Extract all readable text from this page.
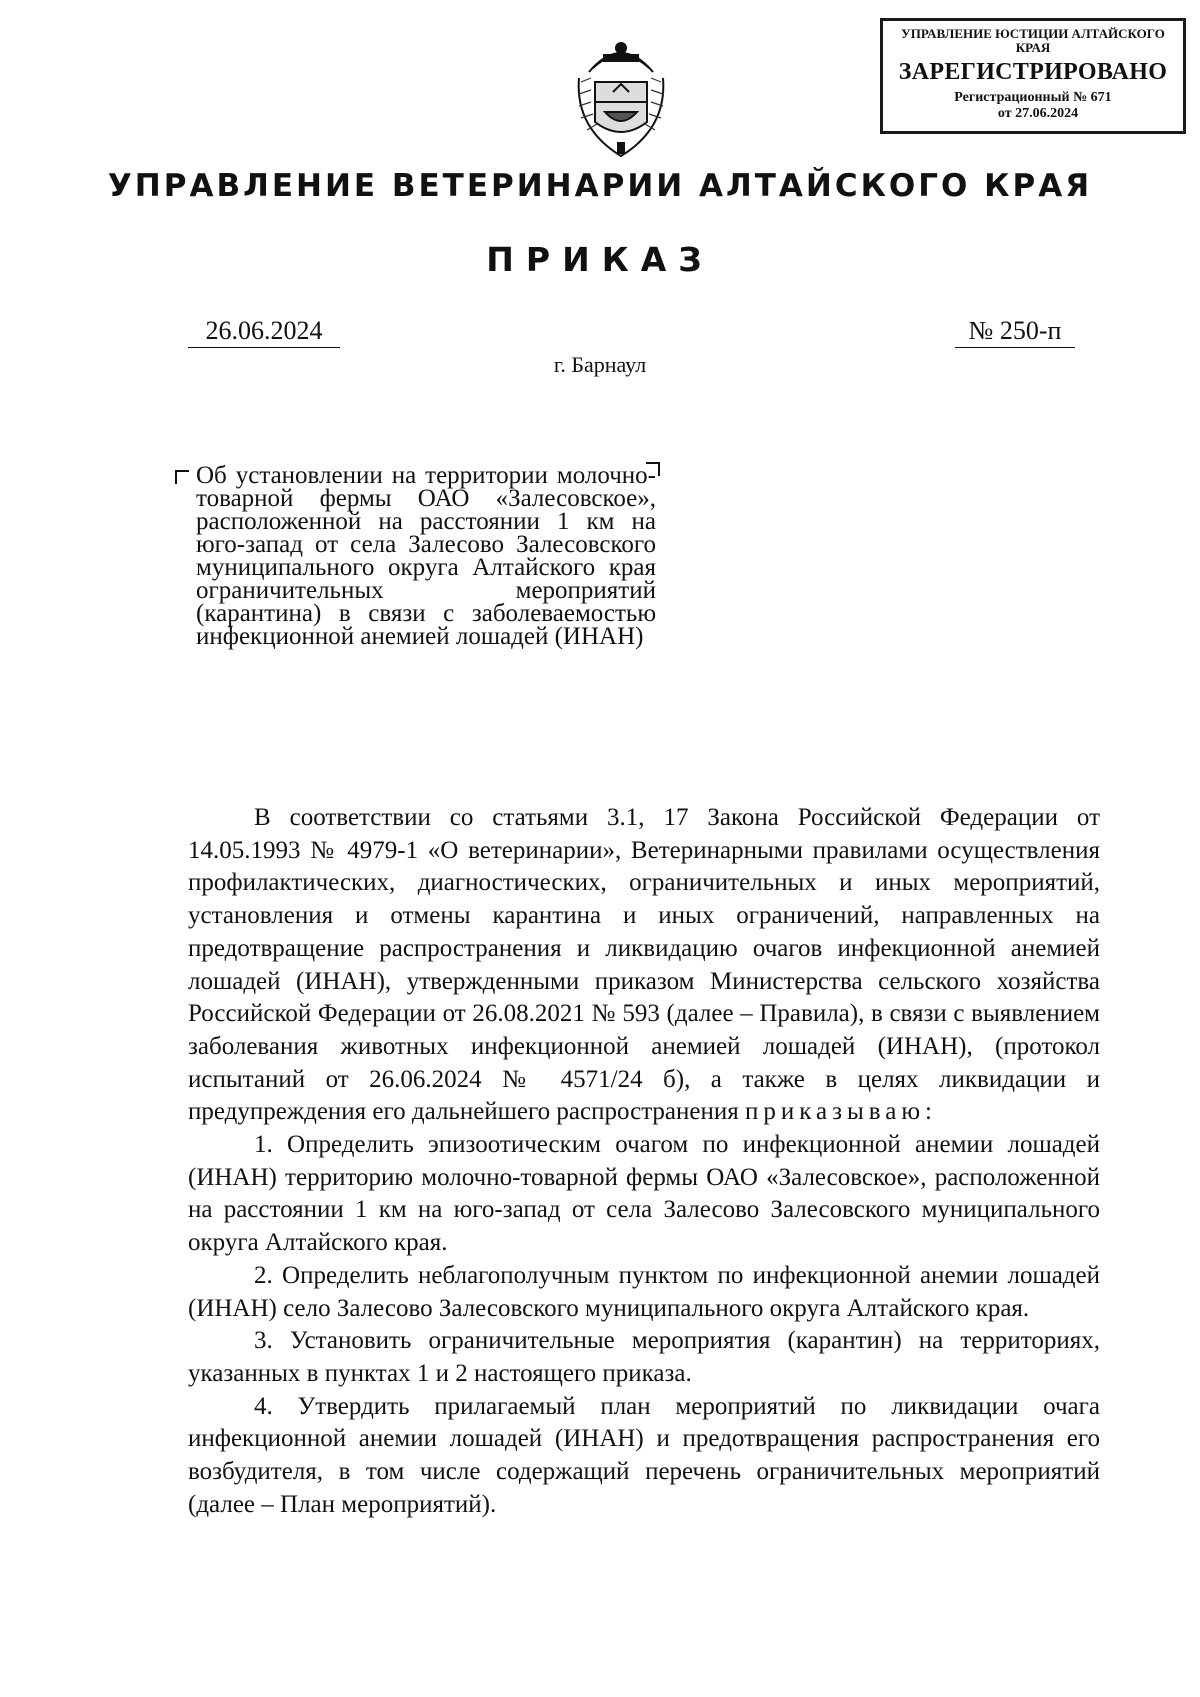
УПРАВЛЕНИЕ ЮСТИЦИИ АЛТАЙСКОГО КРАЯ
ЗАРЕГИСТРИРОВАНО
Регистрационный № 671
от 27.06.2024
УПРАВЛЕНИЕ ВЕТЕРИНАРИИ АЛТАЙСКОГО КРАЯ
ПРИКАЗ
26.06.2024	№ 250-п
г. Барнаул
Об установлении на территории молочно-товарной фермы ОАО «Залесовское», расположенной на расстоянии 1 км на юго-запад от села Залесово Залесовского муниципального округа Алтайского края ограничительных мероприятий (карантина) в связи с заболеваемостью инфекционной анемией лошадей (ИНАН)

В соответствии со статьями 3.1, 17 Закона Российской Федерации от 14.05.1993 № 4979-1 «О ветеринарии», Ветеринарными правилами осуществления профилактических, диагностических, ограничительных и иных мероприятий, установления и отмены карантина и иных ограничений, направленных на предотвращение распространения и ликвидацию очагов инфекционной анемией лошадей (ИНАН), утвержденными приказом Министерства сельского хозяйства Российской Федерации от 26.08.2021 № 593 (далее – Правила), в связи с выявлением заболевания животных инфекционной анемией лошадей (ИНАН), (протокол испытаний от 26.06.2024 № 4571/24 б), а также в целях ликвидации и предупреждения его дальнейшего распространения приказываю:

1. Определить эпизоотическим очагом по инфекционной анемии лошадей (ИНАН) территорию молочно-товарной фермы ОАО «Залесовское», расположенной на расстоянии 1 км на юго-запад от села Залесово Залесовского муниципального округа Алтайского края.

2. Определить неблагополучным пунктом по инфекционной анемии лошадей (ИНАН) село Залесово Залесовского муниципального округа Алтайского края.

3. Установить ограничительные мероприятия (карантин) на территориях, указанных в пунктах 1 и 2 настоящего приказа.

4. Утвердить прилагаемый план мероприятий по ликвидации очага инфекционной анемии лошадей (ИНАН) и предотвращения распространения его возбудителя, в том числе содержащий перечень ограничительных мероприятий (далее – План мероприятий).
